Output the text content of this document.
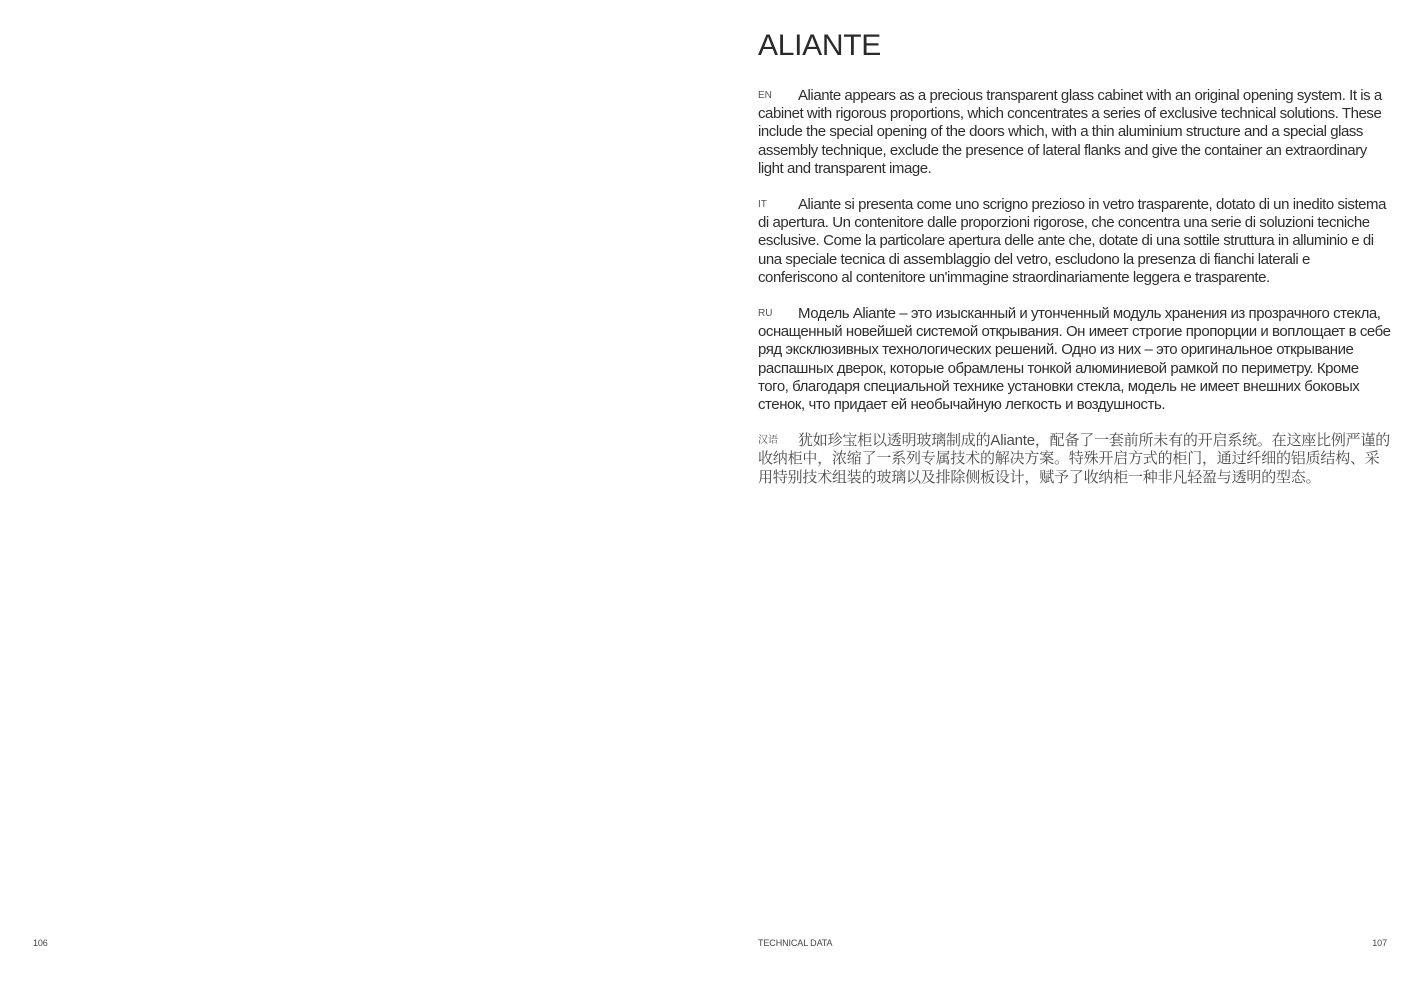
106
ALIANTE

EN Aliante appears as a precious transparent glass cabinet with an original opening system. It is a cabinet with rigorous proportions, which concentrates a series of exclusive technical solutions. These include the special opening of the doors which, with a thin aluminium structure and a special glass assembly technique, exclude the presence of lateral flanks and give the container an extraordinary light and transparent image.

IT Aliante si presenta come uno scrigno prezioso in vetro trasparente, dotato di un inedito sistema di apertura. Un contenitore dalle proporzioni rigorose, che concentra una serie di soluzioni tecniche esclusive. Come la particolare apertura delle ante che, dotate di una sottile struttura in alluminio e di una speciale tecnica di assemblaggio del vetro, escludono la presenza di fianchi laterali e conferiscono al contenitore un'immagine straordinariamente leggera e trasparente.

RU Модель Aliante – это изысканный и утонченный модуль хранения из прозрачного стекла, оснащенный новейшей системой открывания. Он имеет строгие пропорции и воплощает в себе ряд эксклюзивных технологических решений. Одно из них – это оригинальное открывание распашных дверок, которые обрамлены тонкой алюминиевой рамкой по периметру. Кроме того, благодаря специальной технике установки стекла, модель не имеет внешних боковых стенок, что придает ей необычайную легкость и воздушность.

汉语 犹如珍宝柜以透明玻璃制成的Aliante，配备了一套前所未有的开启系统。在这座比例严谨的收纳柜中，浓缩了一系列专属技术的解决方案。特殊开启方式的柜门，通过纤细的铝质结构、采用特别技术组装的玻璃以及排除侧板设计，赋予了收纳柜一种非凡轻盈与透明的型态。

TECHNICAL DATA	107
